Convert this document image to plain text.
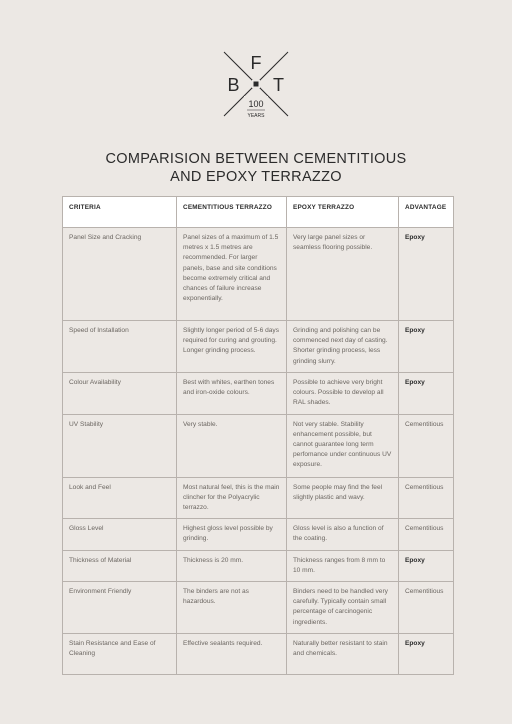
F
B T
100
YEARS
COMPARISION BETWEEN CEMENTITIOUS
AND EPOXY TERRAZZO
CRITERIA	CEMENTITIOUS TERRAZZO	EPOXY TERRAZZO	ADVANTAGE
Panel Size and Cracking	Panel sizes of a maximum of 1.5 metres x 1.5 metres are recommended. For larger panels, base and site conditions become extremely critical and chances of failure increase exponentially.	Very large panel sizes or seamless flooring possible.	Epoxy
Speed of Installation	Slightly longer period of 5-6 days required for curing and grouting. Longer grinding process.	Grinding and polishing can be commenced next day of casting. Shorter grinding process, less grinding slurry.	Epoxy
Colour Availability	Best with whites, earthen tones and iron-oxide colours.	Possible to achieve very bright colours. Possible to develop all RAL shades.	Epoxy
UV Stability	Very stable.	Not very stable. Stability enhancement possible, but cannot guarantee long term perfomance under continuous UV exposure.	Cementitious
Look and Feel	Most natural feel, this is the main clincher for the Polyacrylic terrazzo.	Some people may find the feel slightly plastic and wavy.	Cementitious
Gloss Level	Highest gloss level possible by grinding.	Gloss level is also a function of the coating.	Cementitious
Thickness of Material	Thickness is 20 mm.	Thickness ranges from 8 mm to 10 mm.	Epoxy
Environment Friendly	The binders are not as hazardous.	Binders need to be handled very carefully. Typically contain small percentage of carcinogenic ingredients.	Cementitious
Stain Resistance and Ease of Cleaning	Effective sealants required.	Naturally better resistant to stain and chemicals.	Epoxy
